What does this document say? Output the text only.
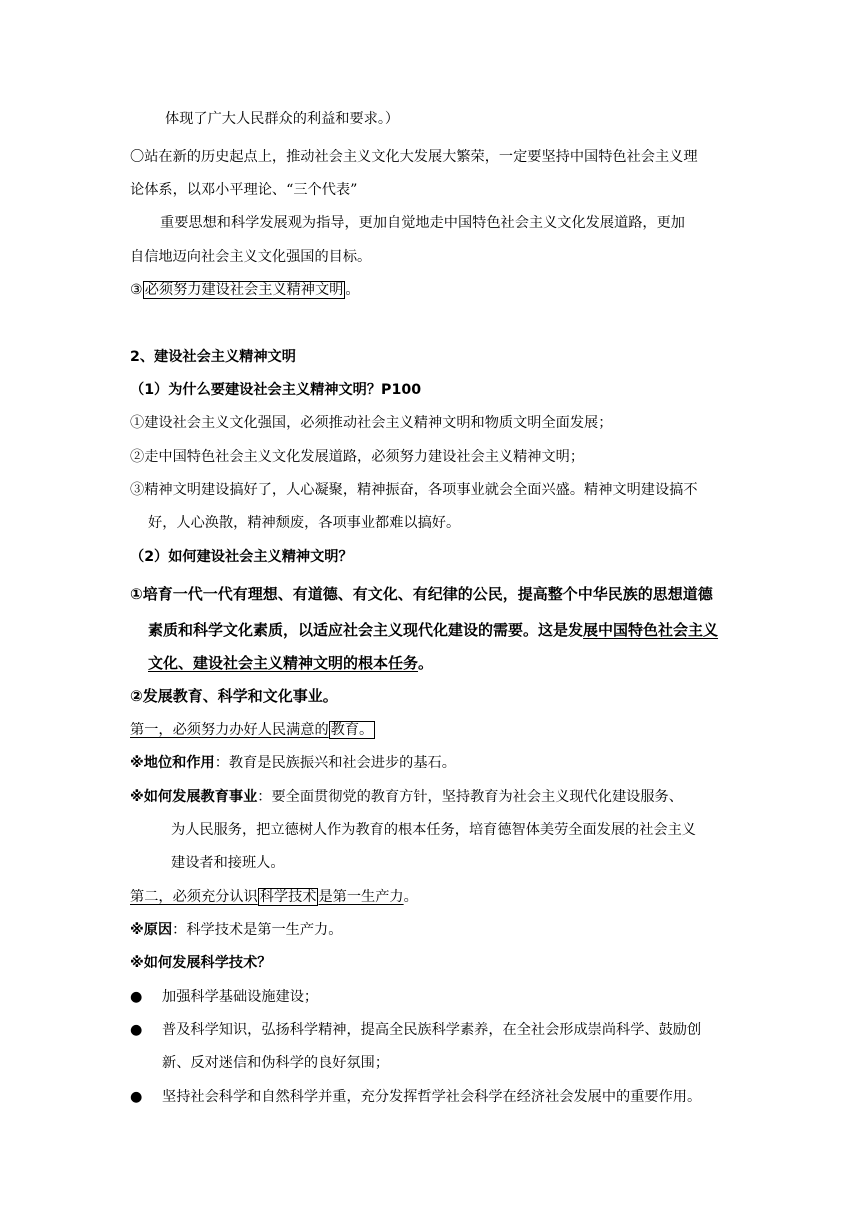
体现了广大人民群众的利益和要求。）
〇站在新的历史起点上，推动社会主义文化大发展大繁荣，一定要坚持中国特色社会主义理
论体系，以邓小平理论、“三个代表”
重要思想和科学发展观为指导，更加自觉地走中国特色社会主义文化发展道路，更加
自信地迈向社会主义文化强国的目标。
③ 必须努力建设社会主义精神文明 。
2、建设社会主义精神文明
（1）为什么要建设社会主义精神文明？P100
①建设社会主义文化强国，必须推动社会主义精神文明和物质文明全面发展；
②走中国特色社会主义文化发展道路，必须努力建设社会主义精神文明；
③精神文明建设搞好了，人心凝聚，精神振奋，各项事业就会全面兴盛。精神文明建设搞不
好，人心涣散，精神颓废，各项事业都难以搞好。
（2）如何建设社会主义精神文明？
①培育一代一代有理想、有道德、有文化、有纪律的公民，提高整个中华民族的思想道德
素质和科学文化素质，以适应社会主义现代化建设的需要。这是发展中国特色社会主义
文化、建设社会主义精神文明的根本任务。
②发展教育、科学和文化事业。
第一，必须努力办好人民满意的 教育。
※地位和作用：教育是民族振兴和社会进步的基石。
※如何发展教育事业：要全面贯彻党的教育方针，坚持教育为社会主义现代化建设服务、
为人民服务，把立德树人作为教育的根本任务，培育德智体美劳全面发展的社会主义
建设者和接班人。
第二，必须充分认识 科学技术 是第一生产力。
※原因：科学技术是第一生产力。
※如何发展科学技术？
● 加强科学基础设施建设；
● 普及科学知识，弘扬科学精神，提高全民族科学素养，在全社会形成崇尚科学、鼓励创
新、反对迷信和伪科学的良好氛围；
● 坚持社会科学和自然科学并重，充分发挥哲学社会科学在经济社会发展中的重要作用。
